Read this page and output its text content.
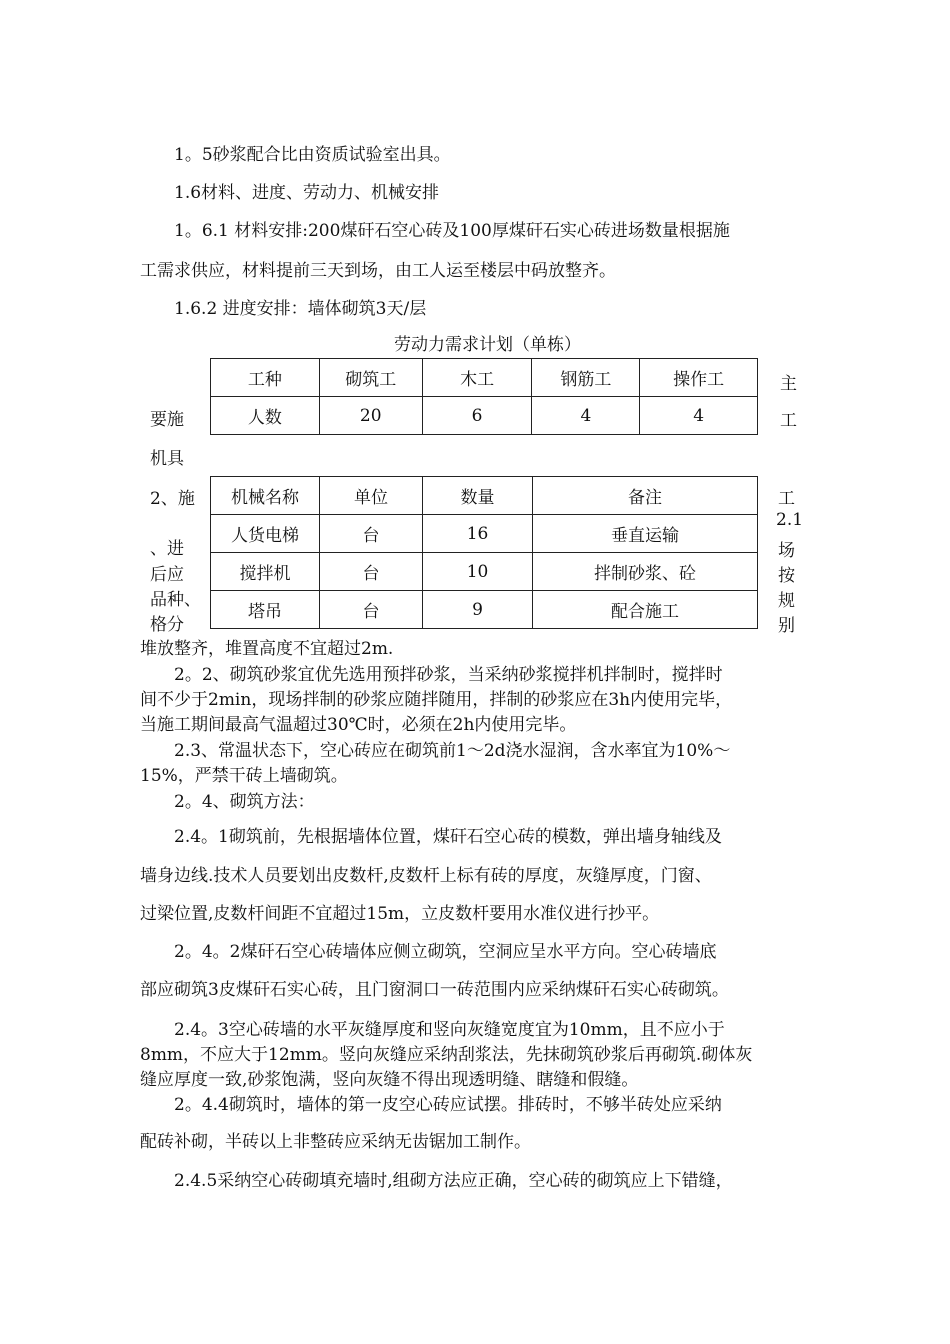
1。5砂浆配合比由资质试验室出具。
1.6材料、进度、劳动力、机械安排
1。6.1 材料安排:200煤矸石空心砖及100厚煤矸石实心砖进场数量根据施
工需求供应，材料提前三天到场，由工人运至楼层中码放整齐。
1.6.2 进度安排：墙体砌筑3天/层
劳动力需求计划（单栋）
工种	砌筑工	木工	钢筋工	操作工
人数	20	6	4	4
机械名称	单位	数量	备注
人货电梯	台	16	垂直运输
搅拌机	台	10	拌制砂浆、砼
塔吊	台	9	配合施工
要施
机具
2、施
、进
后应
品种、
格分
主
工
工
2.1
场
按
规
别
堆放整齐，堆置高度不宜超过2m.
2。2、砌筑砂浆宜优先选用预拌砂浆，当采纳砂浆搅拌机拌制时，搅拌时
间不少于2min，现场拌制的砂浆应随拌随用，拌制的砂浆应在3h内使用完毕，
当施工期间最高气温超过30℃时，必须在2h内使用完毕。
2.3、常温状态下，空心砖应在砌筑前1～2d浇水湿润，含水率宜为10%～
15%，严禁干砖上墙砌筑。
2。4、砌筑方法：
2.4。1砌筑前，先根据墙体位置，煤矸石空心砖的模数，弹出墙身轴线及
墙身边线.技术人员要划出皮数杆,皮数杆上标有砖的厚度，灰缝厚度，门窗、
过梁位置,皮数杆间距不宜超过15m，立皮数杆要用水准仪进行抄平。
2。4。2煤矸石空心砖墙体应侧立砌筑，空洞应呈水平方向。空心砖墙底
部应砌筑3皮煤矸石实心砖，且门窗洞口一砖范围内应采纳煤矸石实心砖砌筑。
2.4。3空心砖墙的水平灰缝厚度和竖向灰缝宽度宜为10mm，且不应小于
8mm，不应大于12mm。竖向灰缝应采纳刮浆法，先抹砌筑砂浆后再砌筑.砌体灰
缝应厚度一致,砂浆饱满，竖向灰缝不得出现透明缝、瞎缝和假缝。
2。4.4砌筑时，墙体的第一皮空心砖应试摆。排砖时，不够半砖处应采纳
配砖补砌，半砖以上非整砖应采纳无齿锯加工制作。
2.4.5采纳空心砖砌填充墙时,组砌方法应正确，空心砖的砌筑应上下错缝，
